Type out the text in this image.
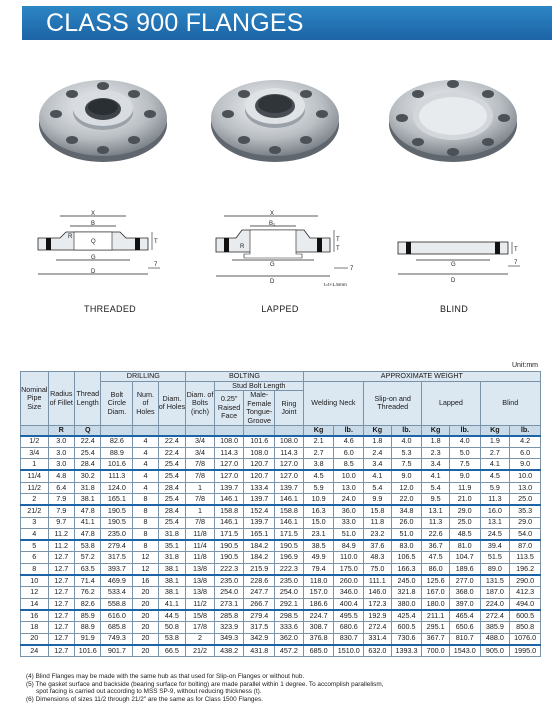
CLASS 900 FLANGES
X
B
Q
G
D
T
R
7
X
B₁
R
G
D
T
T
t=t+1.5mm
7
G
D
T
7
THREADED	LAPPED	BLIND
Unit:mm
Nominal Pipe Size	Radius of Fillet	Thread Length	DRILLING			BOLTING				APPROXIMATE WEIGHT							
			Bolt Circle Diam.	Num. of Holes	Diam. of Holes	Diam. of Bolts (inch)	Stud Bolt Length			Welding Neck		Slip-on and Threaded		Lapped		Blind	
							0.25" Raised Face	Male-Female Tongue-Groove	Ring Joint								
	R	Q								Kg	lb.	Kg	lb.	Kg	lb.	Kg	lb.
1/2	3.0	22.4	82.6	4	22.4	3/4	108.0	101.6	108.0	2.1	4.6	1.8	4.0	1.8	4.0	1.9	4.2
3/4	3.0	25.4	88.9	4	22.4	3/4	114.3	108.0	114.3	2.7	6.0	2.4	5.3	2.3	5.0	2.7	6.0
1	3.0	28.4	101.6	4	25.4	7/8	127.0	120.7	127.0	3.8	8.5	3.4	7.5	3.4	7.5	4.1	9.0
11/4	4.8	30.2	111.3	4	25.4	7/8	127.0	120.7	127.0	4.5	10.0	4.1	9.0	4.1	9.0	4.5	10.0
11/2	6.4	31.8	124.0	4	28.4	1	139.7	133.4	139.7	5.9	13.0	5.4	12.0	5.4	11.9	5.9	13.0
2	7.9	38.1	165.1	8	25.4	7/8	146.1	139.7	146.1	10.9	24.0	9.9	22.0	9.5	21.0	11.3	25.0
21/2	7.9	47.8	190.5	8	28.4	1	158.8	152.4	158.8	16.3	36.0	15.8	34.8	13.1	29.0	16.0	35.3
3	9.7	41.1	190.5	8	25.4	7/8	146.1	139.7	146.1	15.0	33.0	11.8	26.0	11.3	25.0	13.1	29.0
4	11.2	47.8	235.0	8	31.8	11/8	171.5	165.1	171.5	23.1	51.0	23.2	51.0	22.6	48.5	24.5	54.0
5	11.2	53.8	279.4	8	35.1	11/4	190.5	184.2	190.5	38.5	84.9	37.6	83.0	36.7	81.0	39.4	87.0
6	12.7	57.2	317.5	12	31.8	11/8	190.5	184.2	196.9	49.9	110.0	48.3	106.5	47.5	104.7	51.5	113.5
8	12.7	63.5	393.7	12	38.1	13/8	222.3	215.9	222.3	79.4	175.0	75.0	166.3	86.0	189.6	89.0	196.2
10	12.7	71.4	469.9	16	38.1	13/8	235.0	228.6	235.0	118.0	260.0	111.1	245.0	125.6	277.0	131.5	290.0
12	12.7	76.2	533.4	20	38.1	13/8	254.0	247.7	254.0	157.0	346.0	146.0	321.8	167.0	368.0	187.0	412.3
14	12.7	82.6	558.8	20	41.1	11/2	273.1	266.7	292.1	186.6	400.4	172.3	380.0	180.0	397.0	224.0	494.0
16	12.7	85.9	616.0	20	44.5	15/8	285.8	279.4	298.5	224.7	495.5	192.9	425.4	211.1	465.4	272.4	600.5
18	12.7	88.9	685.8	20	50.8	17/8	323.9	317.5	333.6	308.7	680.6	272.4	600.5	295.1	650.6	385.9	850.8
20	12.7	91.9	749.3	20	53.8	2	349.3	342.9	362.0	376.8	830.7	331.4	730.6	367.7	810.7	488.0	1076.0
24	12.7	101.6	901.7	20	66.5	21/2	438.2	431.8	457.2	685.0	1510.0	632.0	1393.3	700.0	1543.0	905.0	1995.0
(4) Blind Flanges may be made with the same hub as that used for Slip-on Flanges or without hub.
(5) The gasket surface and backside (bearing surface for bolting) are made parallel within 1 degree. To accomplish parallelism,
spot facing is carried out according to MSS SP-9, without reducing thickness (t).
(6) Dimensions of sizes 11/2 through 21/2" are the same as for Class 1500 Flanges.
